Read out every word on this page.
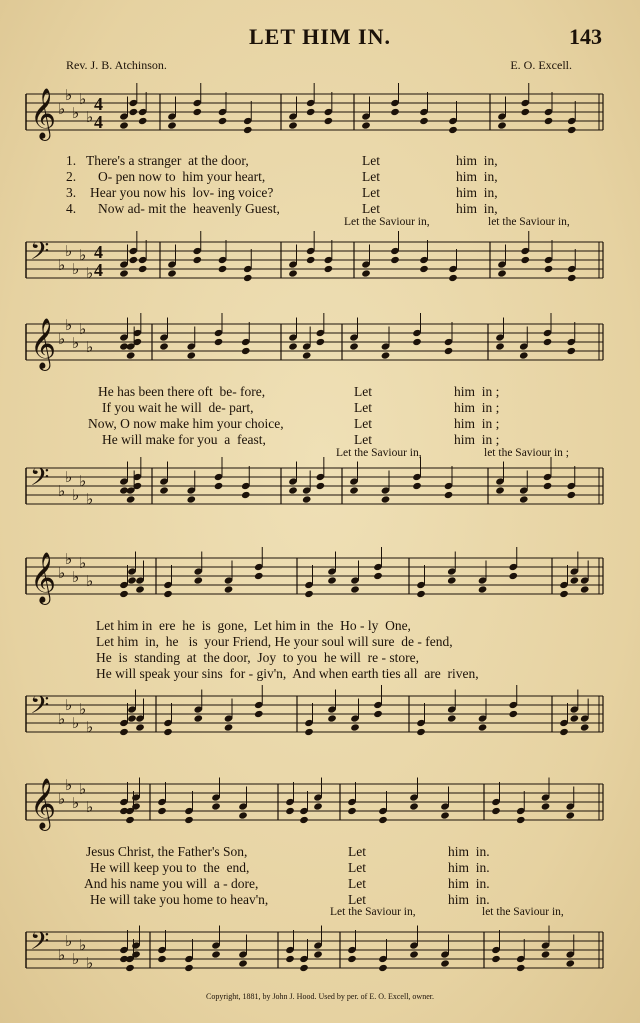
LET HIM IN.	143
Rev. J. B. Atchinson.	E. O. Excell.
𝄞 ♭
♭
♭
♭
♭
4
4
𝄢 ♭
♭
♭
♭
♭
4
4
1. There's a stranger  at the door,	Let	him  in,
2. O- pen now to  him your heart,	Let	him  in,
3. Hear you now his  lov- ing voice?	Let	him  in,
4. Now ad- mit the  heavenly Guest,	Let	him  in,
Let the Saviour in,	let the Saviour in,
𝄞 ♭
♭
♭
♭
♭
𝄢 ♭
♭
♭
♭
♭
He has been there oft  be- fore,	Let	him  in ;
If you wait he will  de- part,	Let	him  in ;
Now, O now make him your choice,	Let	him  in ;
He will make for you  a  feast,	Let	him  in ;
Let the Saviour in,	let the Saviour in ;
𝄞 ♭
♭
♭
♭
♭
𝄢 ♭
♭
♭
♭
♭
Let him in  ere  he  is  gone,  Let him in  the  Ho - ly  One,
Let him  in,  he   is  your Friend, He your soul will sure  de - fend,
He  is  standing  at  the door,  Joy  to you  he will  re - store,
He will speak your sins  for - giv'n,  And when earth ties all  are  riven,
𝄞 ♭
♭
♭
♭
♭
𝄢 ♭
♭
♭
♭
♭
Jesus Christ, the Father's Son,	Let	him  in.
He will keep you to  the  end,	Let	him  in.
And his name you will  a - dore,	Let	him  in.
He will take you home to heav'n,	Let	him  in.
Let the Saviour in,	let the Saviour in,
Copyright, 1881, by John J. Hood. Used by per. of E. O. Excell, owner.
